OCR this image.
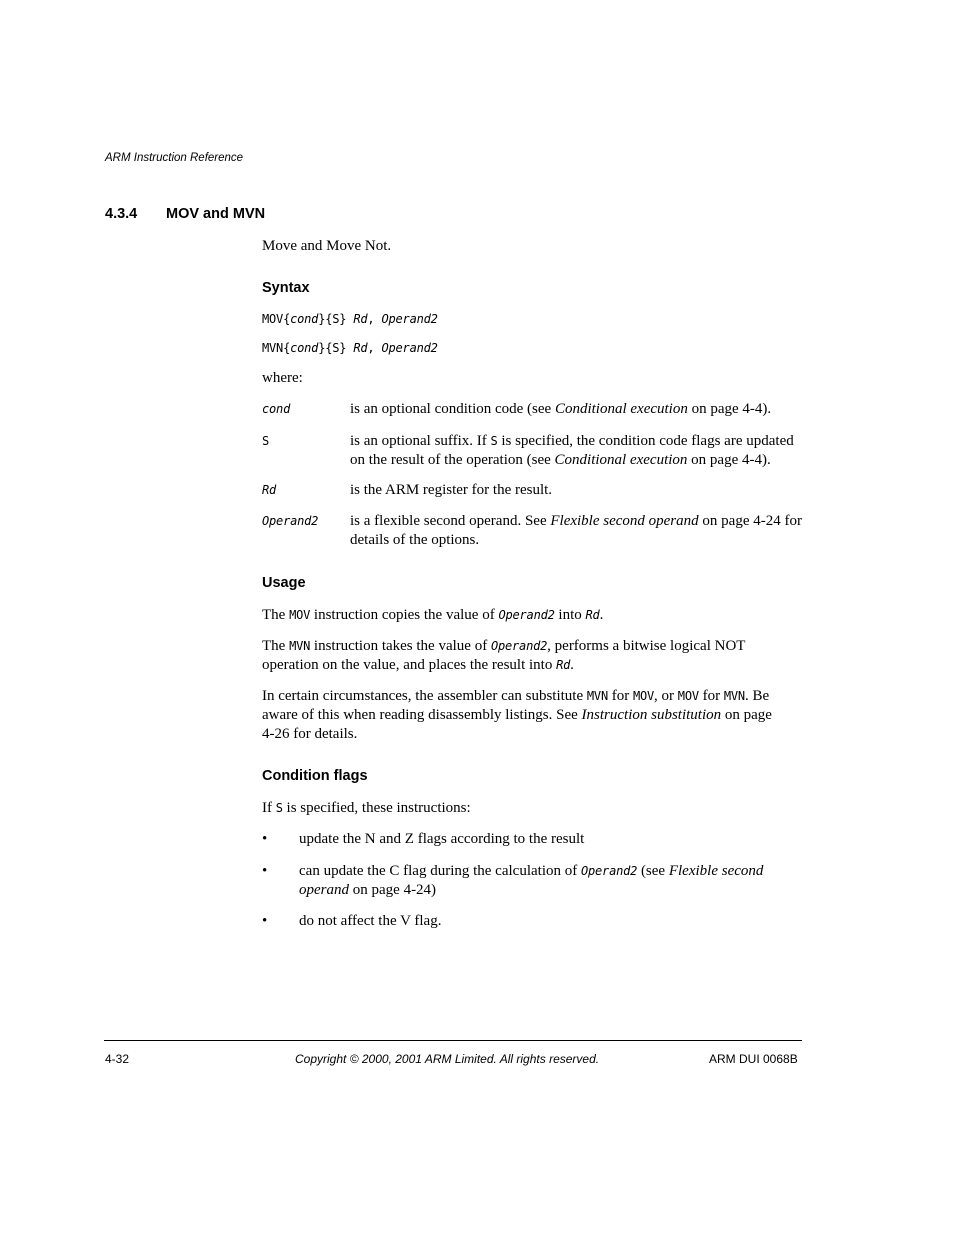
ARM Instruction Reference
4.3.4 MOV and MVN
Move and Move Not.
Syntax
MOV{cond}{S} Rd, Operand2
MVN{cond}{S} Rd, Operand2
where:
cond	is an optional condition code (see Conditional execution on page 4-4).
S	is an optional suffix. If S is specified, the condition code flags are updated on the result of the operation (see Conditional execution on page 4-4).
Rd	is the ARM register for the result.
Operand2 is a flexible second operand. See Flexible second operand on page 4-24 for details of the options.
Usage
The MOV instruction copies the value of Operand2 into Rd.
The MVN instruction takes the value of Operand2, performs a bitwise logical NOT operation on the value, and places the result into Rd.
In certain circumstances, the assembler can substitute MVN for MOV, or MOV for MVN. Be aware of this when reading disassembly listings. See Instruction substitution on page 4-26 for details.
Condition flags
If S is specified, these instructions:
• update the N and Z flags according to the result
• can update the C flag during the calculation of Operand2 (see Flexible second operand on page 4-24)
• do not affect the V flag.
4-32	Copyright © 2000, 2001 ARM Limited. All rights reserved.	ARM DUI 0068B
